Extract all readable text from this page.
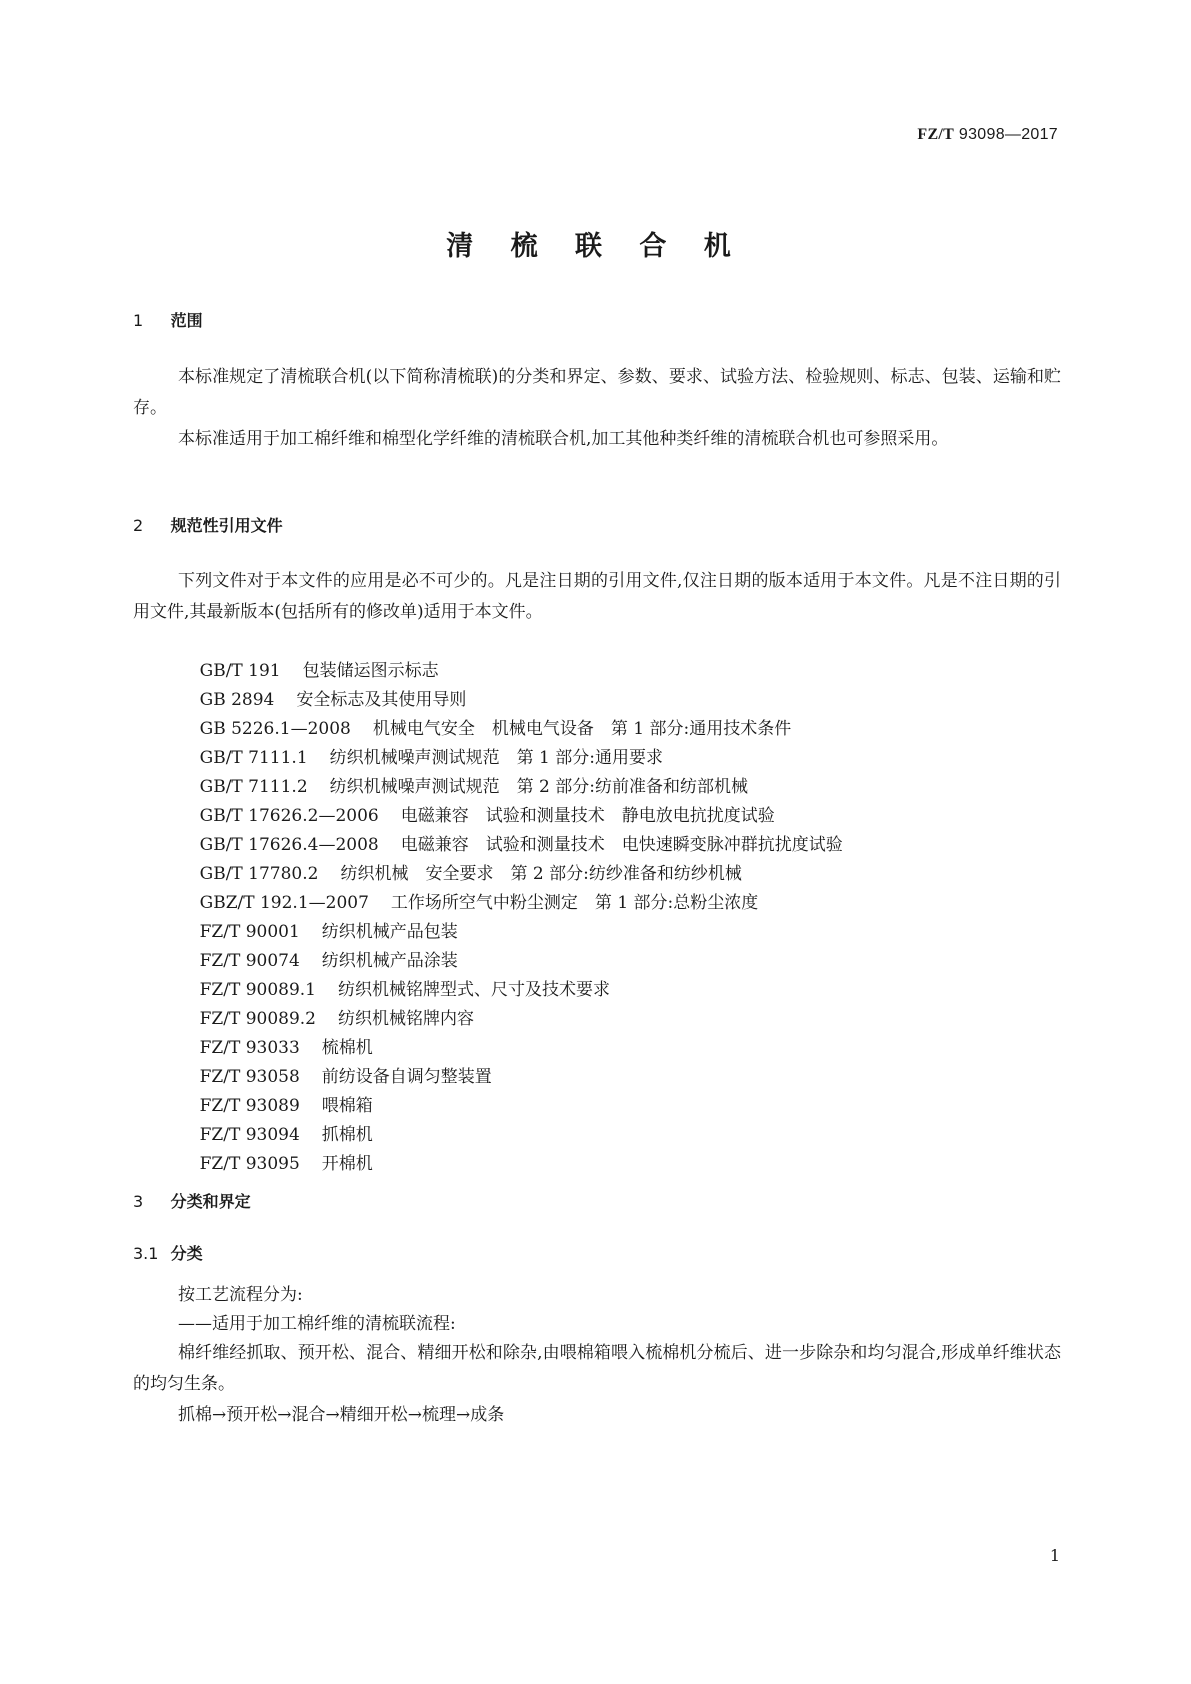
FZ/T 93098—2017
清 梳 联 合 机
1 范围
本标准规定了清梳联合机(以下简称清梳联)的分类和界定、参数、要求、试验方法、检验规则、标志、包装、运输和贮存。
本标准适用于加工棉纤维和棉型化学纤维的清梳联合机,加工其他种类纤维的清梳联合机也可参照采用。
2 规范性引用文件
下列文件对于本文件的应用是必不可少的。凡是注日期的引用文件,仅注日期的版本适用于本文件。凡是不注日期的引用文件,其最新版本(包括所有的修改单)适用于本文件。

GB/T 191 包装储运图示标志

GB 2894 安全标志及其使用导则

GB 5226.1—2008 机械电气安全　机械电气设备　第 1 部分:通用技术条件

GB/T 7111.1 纺织机械噪声测试规范　第 1 部分:通用要求

GB/T 7111.2 纺织机械噪声测试规范　第 2 部分:纺前准备和纺部机械

GB/T 17626.2—2006 电磁兼容　试验和测量技术　静电放电抗扰度试验

GB/T 17626.4—2008 电磁兼容　试验和测量技术　电快速瞬变脉冲群抗扰度试验

GB/T 17780.2 纺织机械　安全要求　第 2 部分:纺纱准备和纺纱机械

GBZ/T 192.1—2007 工作场所空气中粉尘测定　第 1 部分:总粉尘浓度

FZ/T 90001 纺织机械产品包装

FZ/T 90074 纺织机械产品涂装

FZ/T 90089.1 纺织机械铭牌型式、尺寸及技术要求

FZ/T 90089.2 纺织机械铭牌内容

FZ/T 93033 梳棉机

FZ/T 93058 前纺设备自调匀整装置

FZ/T 93089 喂棉箱

FZ/T 93094 抓棉机

FZ/T 93095 开棉机

3 分类和界定
3.1 分类
按工艺流程分为:
——适用于加工棉纤维的清梳联流程:
棉纤维经抓取、预开松、混合、精细开松和除杂,由喂棉箱喂入梳棉机分梳后、进一步除杂和均匀混合,形成单纤维状态的均匀生条。
抓棉→预开松→混合→精细开松→梳理→成条
1
